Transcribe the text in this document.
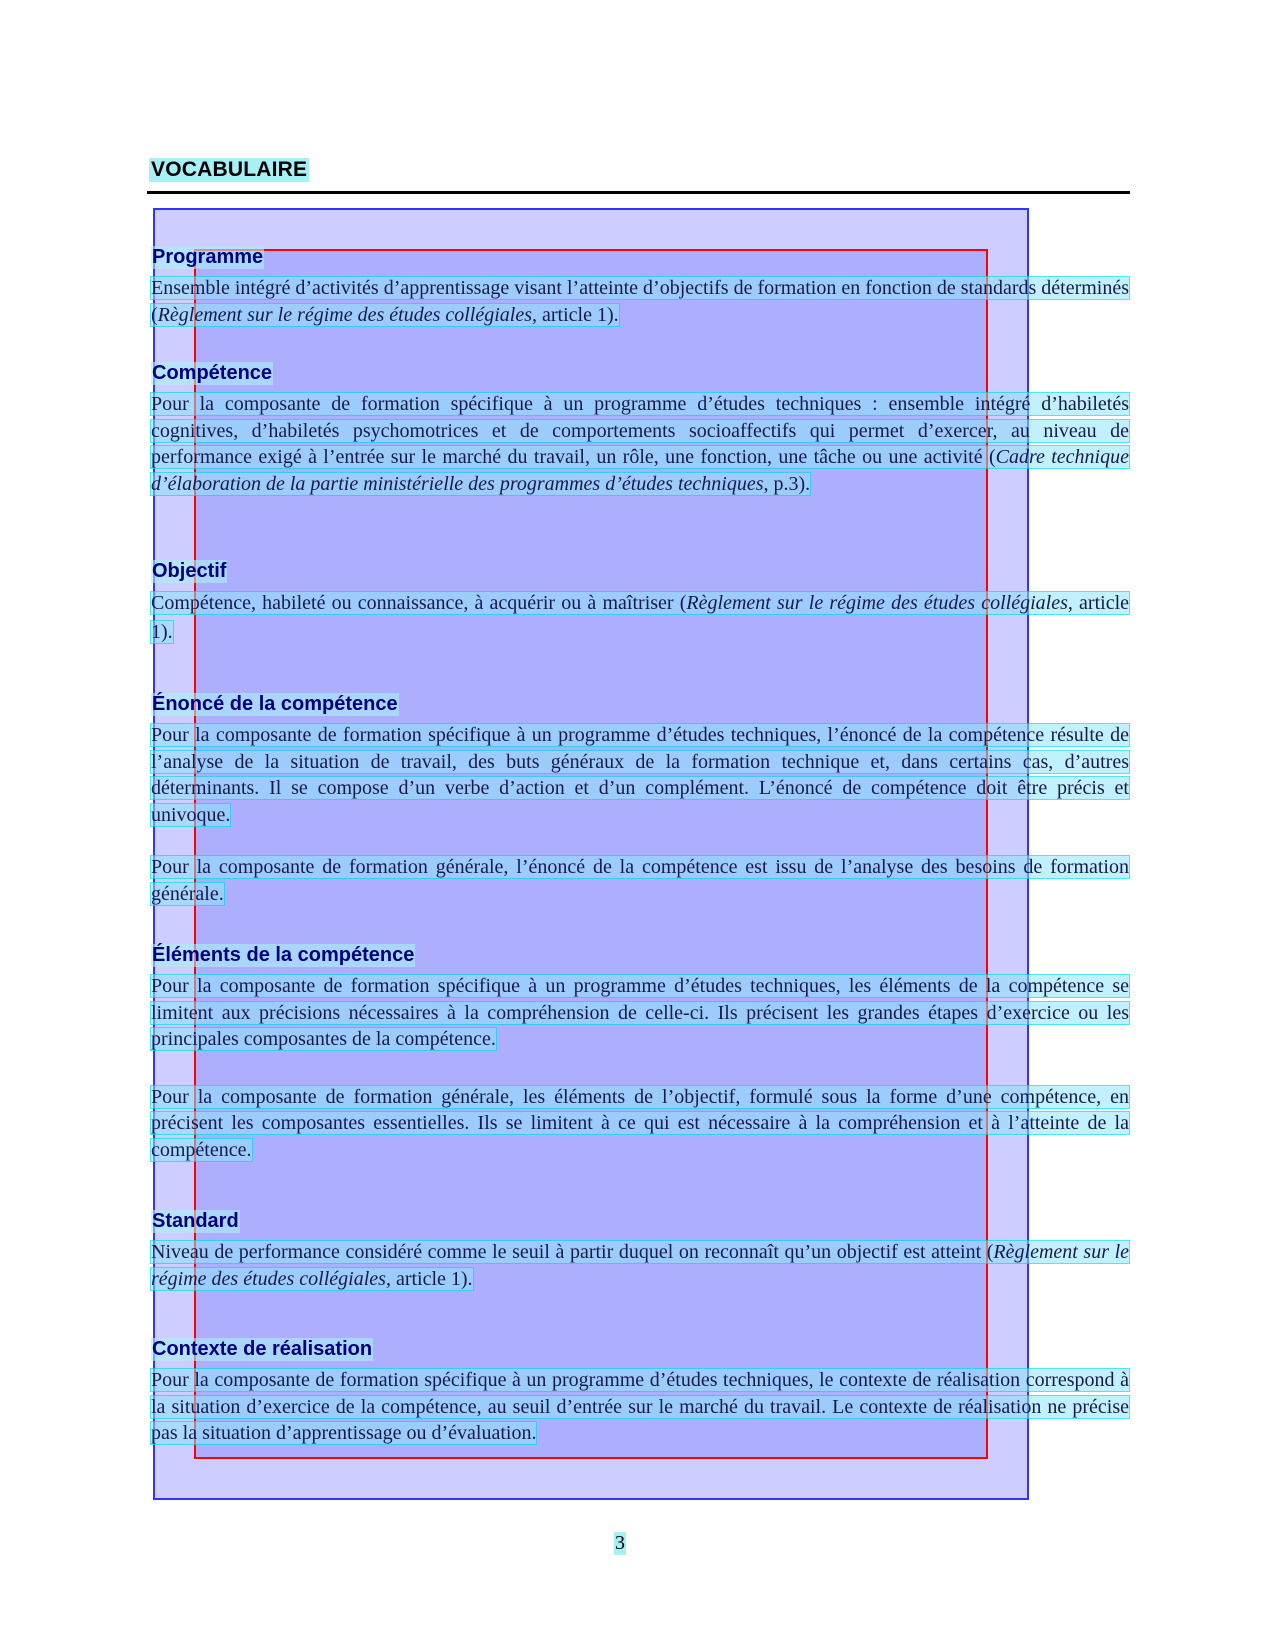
VOCABULAIRE
Programme

Ensemble intégré d’activités d’apprentissage visant l’atteinte d’objectifs de formation en fonction de standards déterminés (Règlement sur le régime des études collégiales, article 1).

Compétence

Pour la composante de formation spécifique à un programme d’études techniques : ensemble intégré d’habiletés cognitives, d’habiletés psychomotrices et de comportements socioaffectifs qui permet d’exercer, au niveau de performance exigé à l’entrée sur le marché du travail, un rôle, une fonction, une tâche ou une activité (Cadre technique d’élaboration de la partie ministérielle des programmes d’études techniques, p.3).

Objectif

Compétence, habileté ou connaissance, à acquérir ou à maîtriser (Règlement sur le régime des études collégiales, article 1).

Énoncé de la compétence

Pour la composante de formation spécifique à un programme d’études techniques, l’énoncé de la compétence résulte de l’analyse de la situation de travail, des buts généraux de la formation technique et, dans certains cas, d’autres déterminants. Il se compose d’un verbe d’action et d’un complément. L’énoncé de compétence doit être précis et univoque.

Pour la composante de formation générale, l’énoncé de la compétence est issu de l’analyse des besoins de formation générale.

Éléments de la compétence

Pour la composante de formation spécifique à un programme d’études techniques, les éléments de la compétence se limitent aux précisions nécessaires à la compréhension de celle-ci. Ils précisent les grandes étapes d’exercice ou les principales composantes de la compétence.

Pour la composante de formation générale, les éléments de l’objectif, formulé sous la forme d’une compétence, en précisent les composantes essentielles. Ils se limitent à ce qui est nécessaire à la compréhension et à l’atteinte de la compétence.

Standard

Niveau de performance considéré comme le seuil à partir duquel on reconnaît qu’un objectif est atteint (Règlement sur le régime des études collégiales, article 1).

Contexte de réalisation

Pour la composante de formation spécifique à un programme d’études techniques, le contexte de réalisation correspond à la situation d’exercice de la compétence, au seuil d’entrée sur le marché du travail. Le contexte de réalisation ne précise pas la situation d’apprentissage ou d’évaluation.

3
